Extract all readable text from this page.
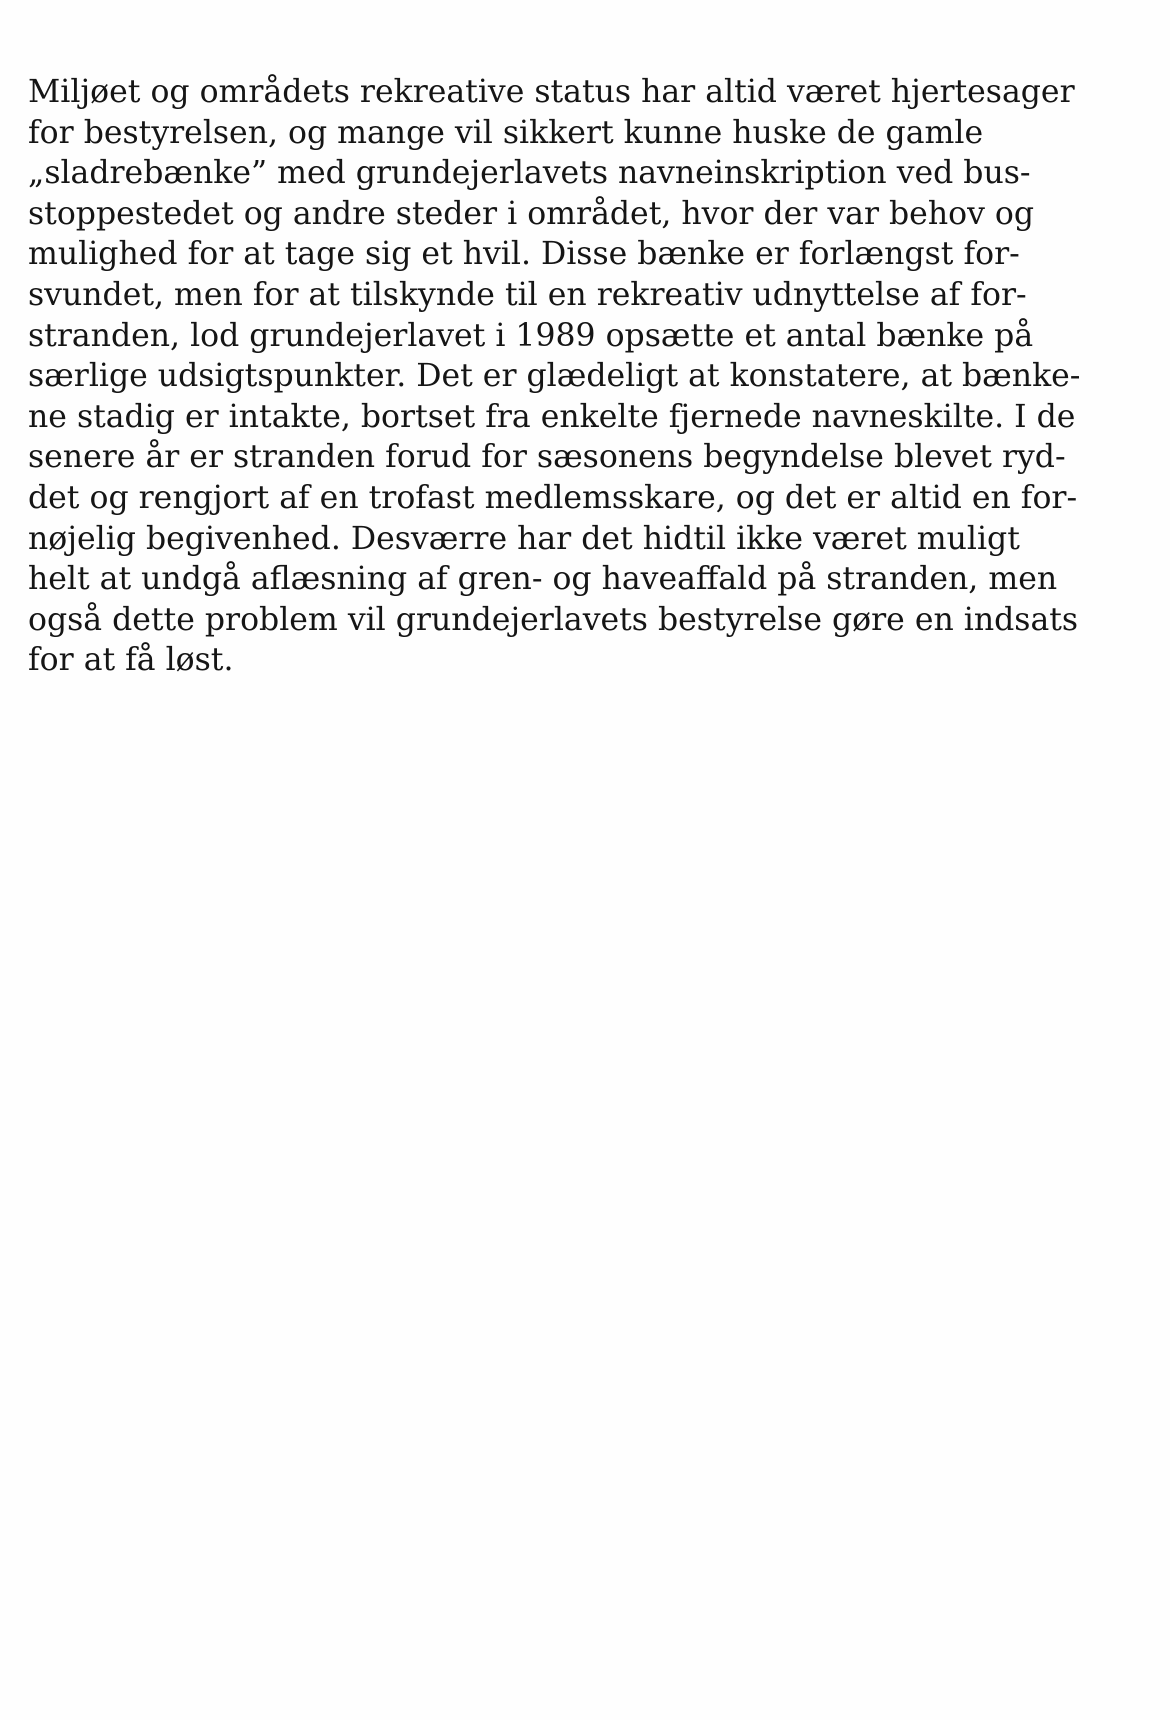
Miljøet og områdets rekreative status har altid været hjertesager
for bestyrelsen, og mange vil sikkert kunne huske de gamle
„sladrebænke” med grundejerlavets navneinskription ved bus-
stoppestedet og andre steder i området, hvor der var behov og
mulighed for at tage sig et hvil. Disse bænke er forlængst for-
svundet, men for at tilskynde til en rekreativ udnyttelse af for-
stranden, lod grundejerlavet i 1989 opsætte et antal bænke på
særlige udsigtspunkter. Det er glædeligt at konstatere, at bænke-
ne stadig er intakte, bortset fra enkelte fjernede navneskilte. I de
senere år er stranden forud for sæsonens begyndelse blevet ryd-
det og rengjort af en trofast medlemsskare, og det er altid en for-
nøjelig begivenhed. Desværre har det hidtil ikke været muligt
helt at undgå aflæsning af gren- og haveaffald på stranden, men
også dette problem vil grundejerlavets bestyrelse gøre en indsats
for at få løst.
